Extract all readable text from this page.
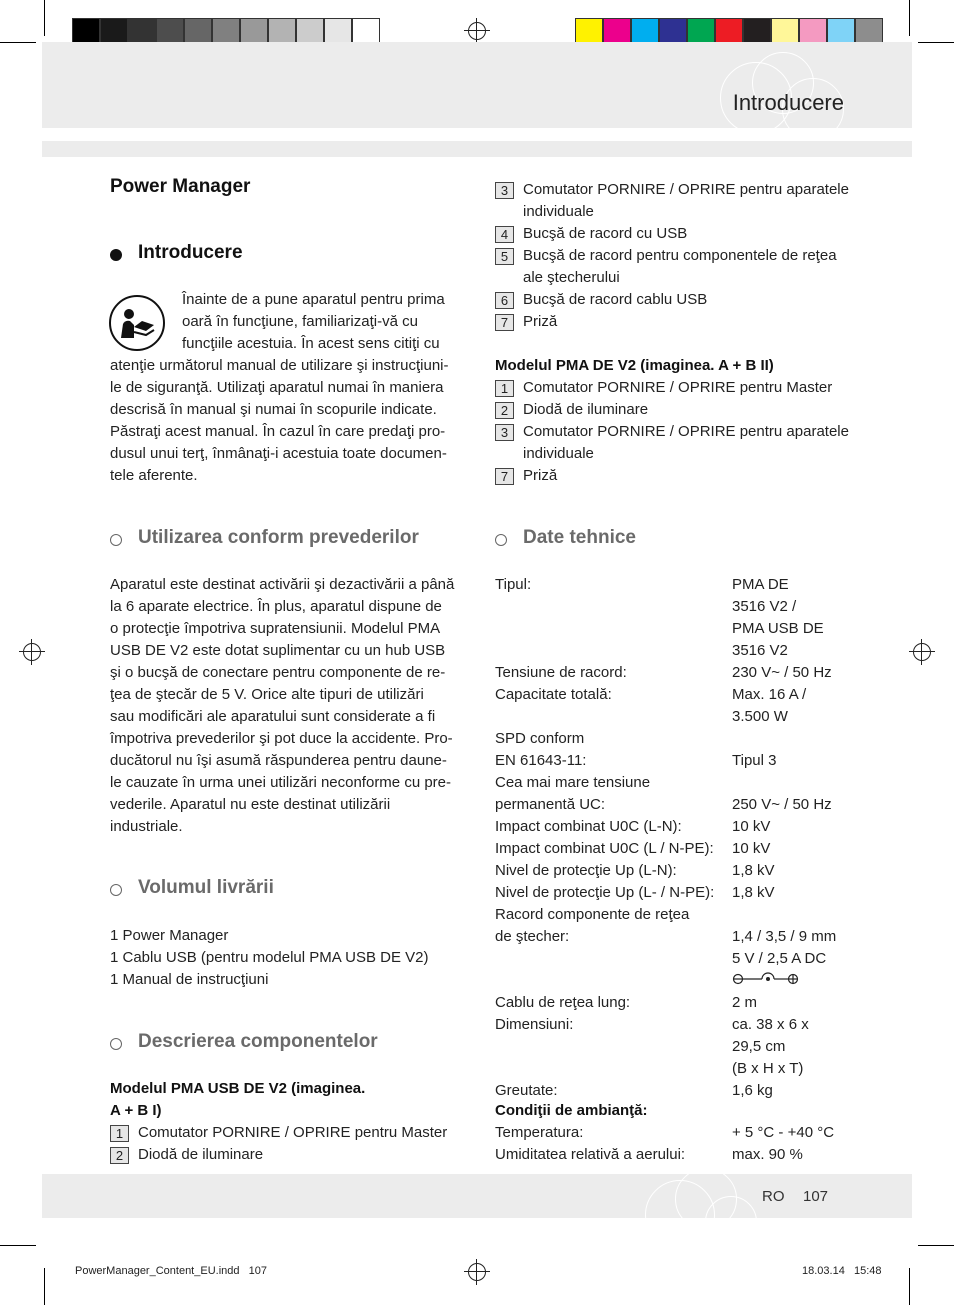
Introducere
Power Manager
Introducere
Înainte de a pune aparatul pentru prima
oară în funcţiune, familiarizaţi-vă cu
funcţiile acestuia. În acest sens citiţi cu
atenţie următorul manual de utilizare şi instrucţiuni-
le de siguranţă. Utilizaţi aparatul numai în maniera
descrisă în manual şi numai în scopurile indicate.
Păstraţi acest manual. În cazul în care predaţi pro-
dusul unui terţ, înmânaţi-i acestuia toate documen-
tele aferente.
Utilizarea conform prevederilor
Aparatul este destinat activării şi dezactivării a până
la 6 aparate electrice. În plus, aparatul dispune de
o protecţie împotriva supratensiunii. Modelul PMA
USB DE V2 este dotat suplimentar cu un hub USB
şi o bucşă de conectare pentru componente de re-
ţea de ştecăr de 5 V. Orice alte tipuri de utilizări
sau modificări ale aparatului sunt considerate a fi
împotriva prevederilor şi pot duce la accidente. Pro-
ducătorul nu îşi asumă răspunderea pentru daune-
le cauzate în urma unei utilizări neconforme cu pre-
vederile. Aparatul nu este destinat utilizării
industriale.
Volumul livrării
1 Power Manager
1 Cablu USB (pentru modelul PMA USB DE V2)
1 Manual de instrucţiuni
Descrierea componentelor
Modelul PMA USB DE V2 (imaginea.
A + B I)
1 Comutator PORNIRE / OPRIRE pentru Master
2 Diodă de iluminare
3 Comutator PORNIRE / OPRIRE pentru aparatele
individuale
4 Bucşă de racord cu USB
5 Bucşă de racord pentru componentele de reţea
ale ştecherului
6 Bucşă de racord cablu USB
7 Priză
Modelul PMA DE V2 (imaginea. A + B II)
1 Comutator PORNIRE / OPRIRE pentru Master
2 Diodă de iluminare
3 Comutator PORNIRE / OPRIRE pentru aparatele
individuale
7 Priză
Date tehnice
Tipul:	PMA DE
3516 V2 /
PMA USB DE
3516 V2
Tensiune de racord:	230 V~ / 50 Hz
Capacitate totală:	Max. 16 A /
3.500 W
SPD conform
EN 61643-11:	Tipul 3
Cea mai mare tensiune
permanentă UC:	250 V~ / 50 Hz
Impact combinat U0C (L-N):	10 kV
Impact combinat U0C (L / N-PE): 10 kV
Nivel de protecţie Up (L-N):	1,8 kV
Nivel de protecţie Up (L- / N-PE): 1,8 kV
Racord componente de reţea
de ştecher:	1,4 / 3,5 / 9 mm
5 V / 2,5 A DC
Cablu de reţea lung:	2 m
Dimensiuni:	ca. 38 x 6 x
29,5 cm
(B x H x T)
Greutate:	1,6 kg
Condiţii de ambianţă:
Temperatura:	+ 5 °C - +40 °C
Umiditatea relativă a aerului:	max. 90 %
RO 107
PowerManager_Content_EU.indd   107	18.03.14   15:48
